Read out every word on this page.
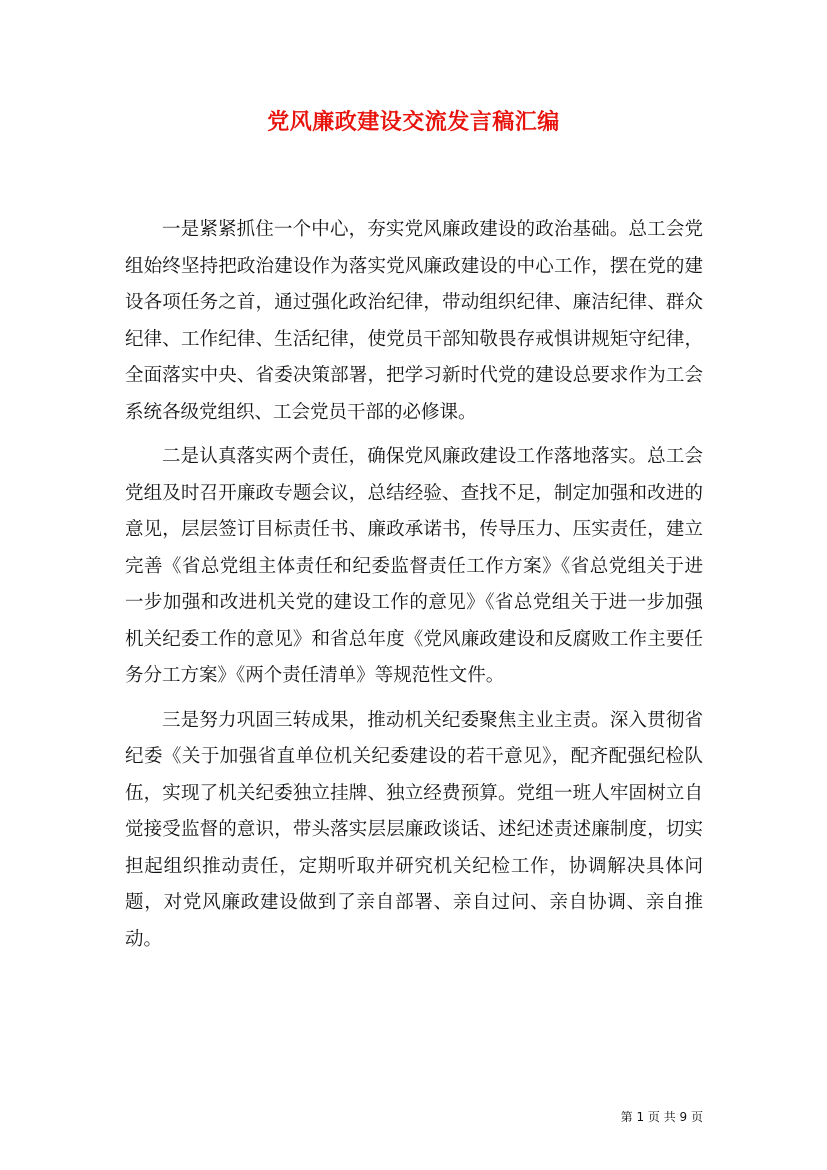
党风廉政建设交流发言稿汇编

一是紧紧抓住一个中心，夯实党风廉政建设的政治基础。总工会党组始终坚持把政治建设作为落实党风廉政建设的中心工作，摆在党的建设各项任务之首，通过强化政治纪律，带动组织纪律、廉洁纪律、群众纪律、工作纪律、生活纪律，使党员干部知敬畏存戒惧讲规矩守纪律，全面落实中央、省委决策部署，把学习新时代党的建设总要求作为工会系统各级党组织、工会党员干部的必修课。

二是认真落实两个责任，确保党风廉政建设工作落地落实。总工会党组及时召开廉政专题会议，总结经验、查找不足，制定加强和改进的意见，层层签订目标责任书、廉政承诺书，传导压力、压实责任，建立完善《省总党组主体责任和纪委监督责任工作方案》《省总党组关于进一步加强和改进机关党的建设工作的意见》《省总党组关于进一步加强机关纪委工作的意见》和省总年度《党风廉政建设和反腐败工作主要任务分工方案》《两个责任清单》等规范性文件。

三是努力巩固三转成果，推动机关纪委聚焦主业主责。深入贯彻省纪委《关于加强省直单位机关纪委建设的若干意见》，配齐配强纪检队伍，实现了机关纪委独立挂牌、独立经费预算。党组一班人牢固树立自觉接受监督的意识，带头落实层层廉政谈话、述纪述责述廉制度，切实担起组织推动责任，定期听取并研究机关纪检工作，协调解决具体问题，对党风廉政建设做到了亲自部署、亲自过问、亲自协调、亲自推动。

第 1 页 共 9 页
